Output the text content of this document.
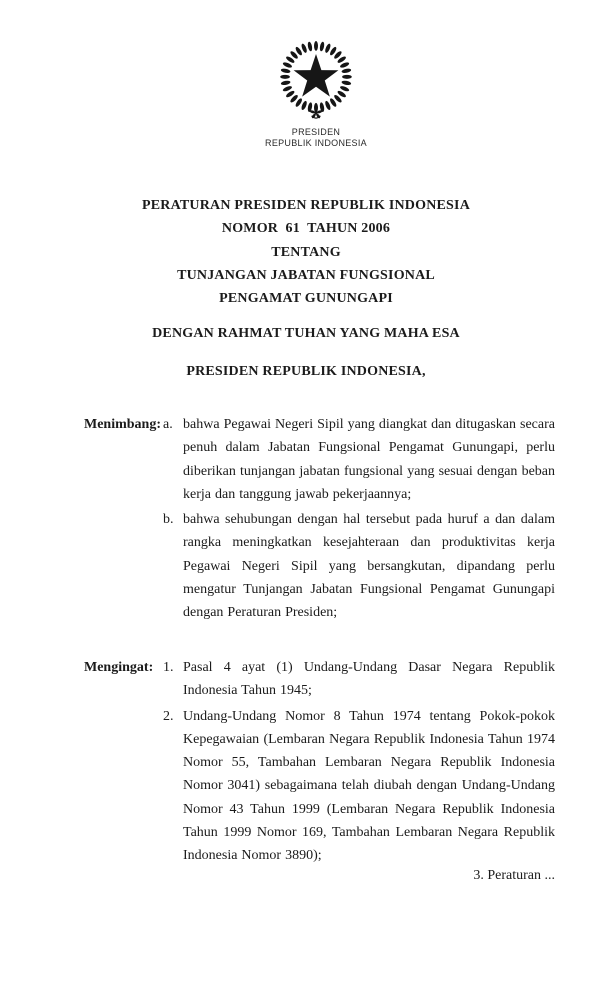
PRESIDEN
REPUBLIK INDONESIA
PERATURAN PRESIDEN REPUBLIK INDONESIA
NOMOR  61  TAHUN 2006
TENTANG
TUNJANGAN JABATAN FUNGSIONAL
PENGAMAT GUNUNGAPI
DENGAN RAHMAT TUHAN YANG MAHA ESA
PRESIDEN REPUBLIK INDONESIA,
Menimbang : a. bahwa Pegawai Negeri Sipil yang diangkat dan ditugaskan secara penuh dalam Jabatan Fungsional Pengamat Gunungapi, perlu diberikan tunjangan jabatan fungsional yang sesuai dengan beban kerja dan tanggung jawab pekerjaannya;
b. bahwa sehubungan dengan hal tersebut pada huruf a dan dalam rangka meningkatkan kesejahteraan dan produktivitas kerja Pegawai Negeri Sipil yang bersangkutan, dipandang perlu mengatur Tunjangan Jabatan Fungsional Pengamat Gunungapi dengan Peraturan Presiden;
Mengingat : 1. Pasal 4 ayat (1) Undang-Undang Dasar Negara Republik Indonesia Tahun 1945;
2. Undang-Undang Nomor 8 Tahun 1974 tentang Pokok-pokok Kepegawaian (Lembaran Negara Republik Indonesia Tahun 1974 Nomor 55, Tambahan Lembaran Negara Republik Indonesia Nomor 3041) sebagaimana telah diubah dengan Undang-Undang Nomor 43 Tahun 1999 (Lembaran Negara Republik Indonesia Tahun 1999 Nomor 169, Tambahan Lembaran Negara Republik Indonesia Nomor 3890);
3. Peraturan ...
